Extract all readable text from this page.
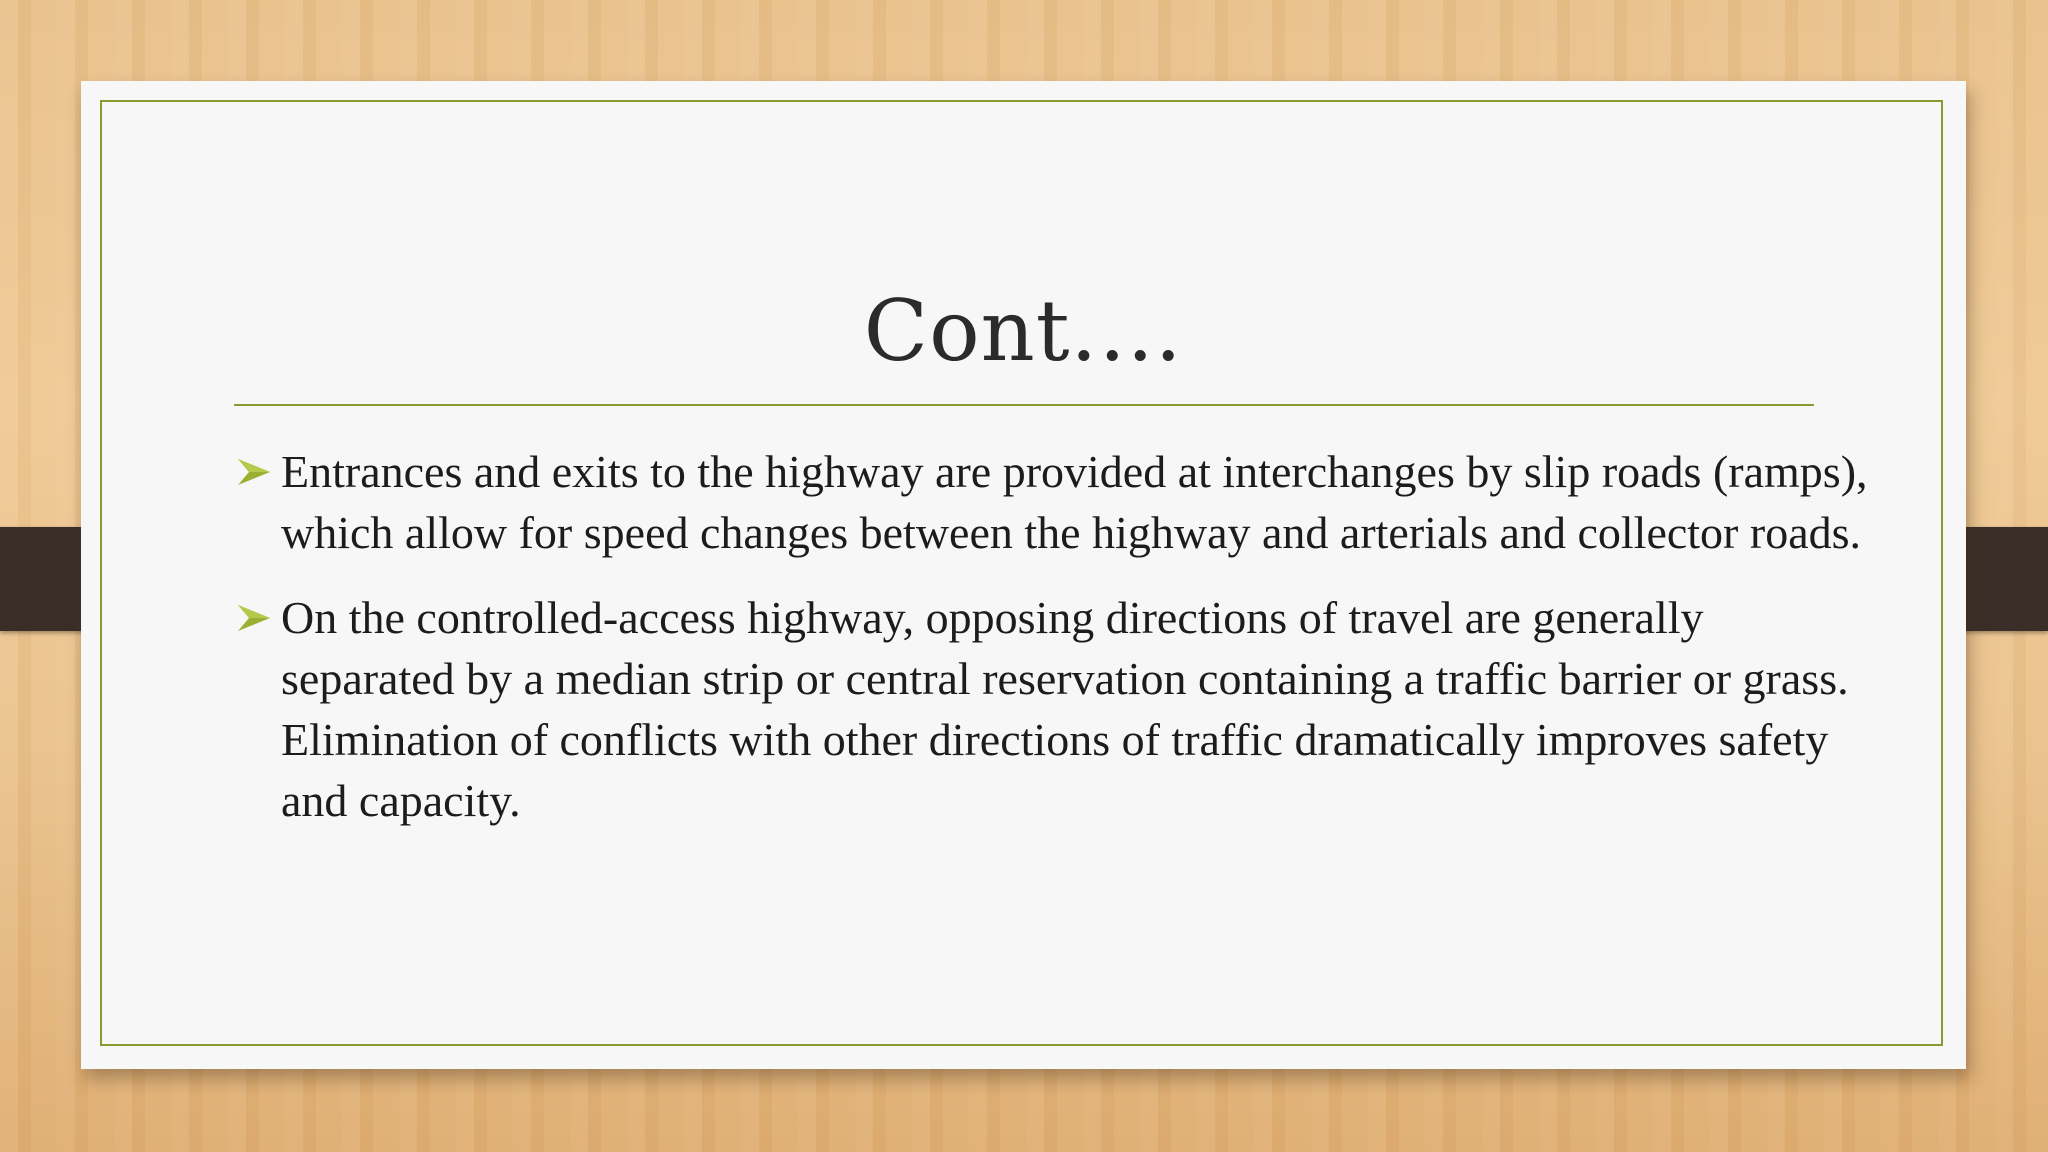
Cont.…
Entrances and exits to the highway are provided at interchanges by slip roads (ramps), which allow for speed changes between the highway and arterials and collector roads.
On the controlled-access highway, opposing directions of travel are generally separated by a median strip or central reservation containing a traffic barrier or grass. Elimination of conflicts with other directions of traffic dramatically improves safety and capacity.
